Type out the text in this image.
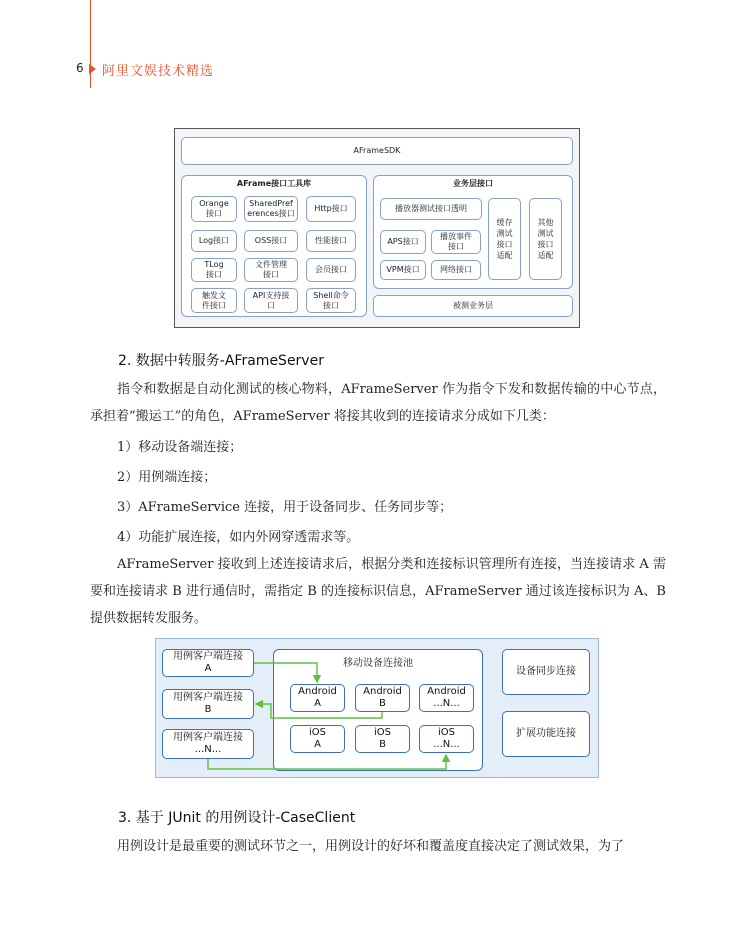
6 阿里文娱技术精选
AFrameSDK
AFrame接口工具库
Orange
接口
SharedPref
erences接口
Http接口
Log接口	OSS接口	性能接口
TLog
接口
文件管理
接口
会员接口
触发文
件接口
API支持接
口
Shell命令
接口
业务层接口
播放器测试接口透明
APS接口
播放事件
接口
VPM接口	网络接口
缓存
测试
接口
适配
其他
测试
接口
适配
被测业务层
2. 数据中转服务-AFrameServer
指令和数据是自动化测试的核心物料，AFrameServer 作为指令下发和数据传输的中心节点，承担着“搬运工”的角色，AFrameServer 将接其收到的连接请求分成如下几类：
1）移动设备端连接；
2）用例端连接；
3）AFrameService 连接，用于设备同步、任务同步等；
4）功能扩展连接，如内外网穿透需求等。
AFrameServer 接收到上述连接请求后，根据分类和连接标识管理所有连接，当连接请求 A 需要和连接请求 B 进行通信时，需指定 B 的连接标识信息，AFrameServer 通过该连接标识为 A、B 提供数据转发服务。
移动设备连接池
用例客户端连接
A
用例客户端连接
B
用例客户端连接
...N...
Android
A
Android
B
Android
...N...
iOS
A
iOS
B
iOS
...N...
设备同步连接
扩展功能连接
3. 基于 JUnit 的用例设计-CaseClient
用例设计是最重要的测试环节之一，用例设计的好坏和覆盖度直接决定了测试效果，为了
